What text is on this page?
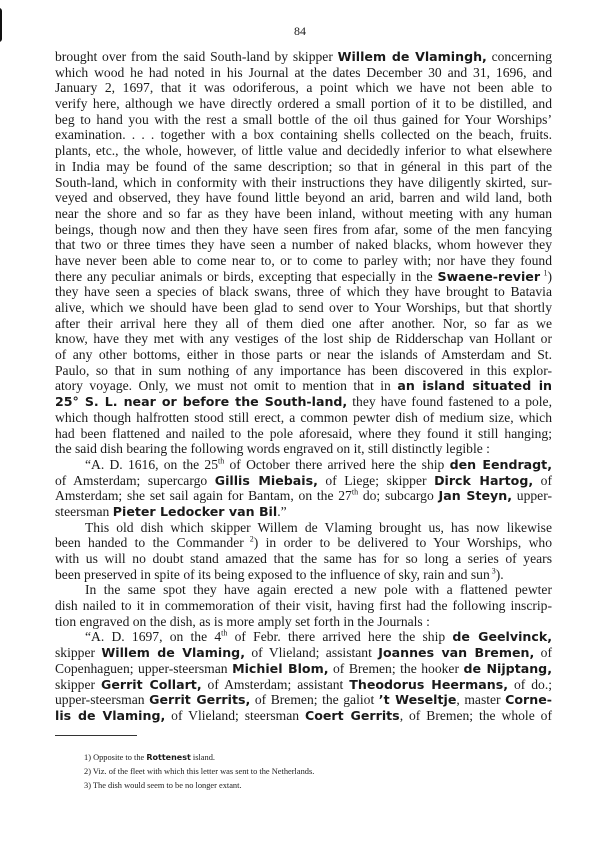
84
brought over from the said South-land by skipper Willem de Vlamingh, concerning
which wood he had noted in his Journal at the dates December 30 and 31, 1696, and
January 2, 1697, that it was odoriferous, a point which we have not been able to
verify here, although we have directly ordered a small portion of it to be distilled, and
beg to hand you with the rest a small bottle of the oil thus gained for Your Worships’
examination. . . . together with a box containing shells collected on the beach, fruits.
plants, etc., the whole, however, of little value and decidedly inferior to what elsewhere
in India may be found of the same description; so that in géneral in this part of the
South-land, which in conformity with their instructions they have diligently skirted, sur-
veyed and observed, they have found little beyond an arid, barren and wild land, both
near the shore and so far as they have been inland, without meeting with any human
beings, though now and then they have seen fires from afar, some of the men fancying
that two or three times they have seen a number of naked blacks, whom however they
have never been able to come near to, or to come to parley with; nor have they found
there any peculiar animals or birds, excepting that especially in the Swaene-revier $^1$)
they have seen a species of black swans, three of which they have brought to Batavia
alive, which we should have been glad to send over to Your Worships, but that shortly
after their arrival here they all of them died one after another. Nor, so far as we
know, have they met with any vestiges of the lost ship de Ridderschap van Hollant or
of any other bottoms, either in those parts or near the islands of Amsterdam and St.
Paulo, so that in sum nothing of any importance has been discovered in this explor-
atory voyage. Only, we must not omit to mention that in an island situated in
25° S. L. near or before the South-land, they have found fastened to a pole,
which though halfrotten stood still erect, a common pewter dish of medium size, which
had been flattened and nailed to the pole aforesaid, where they found it still hanging;
the said dish bearing the following words engraved on it, still distinctly legible :
“A. D. 1616, on the 25th of October there arrived here the ship den Eendragt,
of Amsterdam; supercargo Gillis Miebais, of Liege; skipper Dirck Hartog, of
Amsterdam; she set sail again for Bantam, on the 27th do; subcargo Jan Steyn, upper-
steersman Pieter Ledocker van Bil.”
This old dish which skipper Willem de Vlaming brought us, has now likewise
been handed to the Commander $^2$) in order to be delivered to Your Worships, who
with us will no doubt stand amazed that the same has for so long a series of years
been preserved in spite of its being exposed to the influence of sky, rain and sun $^3$).
In the same spot they have again erected a new pole with a flattened pewter
dish nailed to it in commemoration of their visit, having first had the following inscrip-
tion engraved on the dish, as is more amply set forth in the Journals :
“A. D. 1697, on the 4th of Febr. there arrived here the ship de Geelvinck,
skipper Willem de Vlaming, of Vlieland; assistant Joannes van Bremen, of
Copenhaguen; upper-steersman Michiel Blom, of Bremen; the hooker de Nijptang,
skipper Gerrit Collart, of Amsterdam; assistant Theodorus Heermans, of do.;
upper-steersman Gerrit Gerrits, of Bremen; the galiot ’t Weseltje, master Corne-
lis de Vlaming, of Vlieland; steersman Coert Gerrits, of Bremen; the whole of
1) Opposite to the Rottenest island.
2) Viz. of the fleet with which this letter was sent to the Netherlands.
3) The dish would seem to be no longer extant.
